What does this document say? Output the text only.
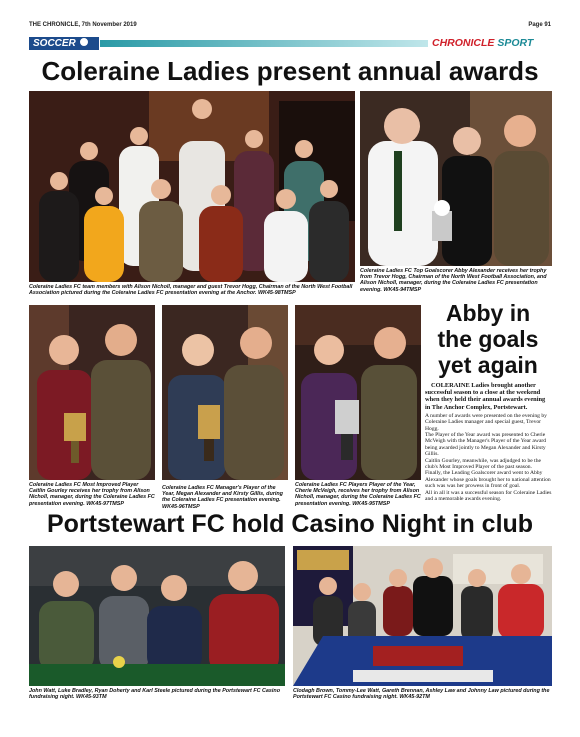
THE CHRONICLE, 7th November 2019	Page 91
SOCCER	CHRONICLE SPORT
Coleraine Ladies present annual awards
Coleraine Ladies FC team members with Alison Nicholl, manager and guest Trevor Hogg, Chairman of the North West Football Association pictured during the Coleraine Ladies FC presentation evening at the Anchor. WK45-98TMSP
Coleraine Ladies FC Top Goalscorer Abby Alexander receives her trophy from Trevor Hogg, Chairman of the North West Football Association, and Alison Nicholl, manager, during the Coleraine Ladies FC presentation evening. WK45-94TMSP
Coleraine Ladies FC Most Improved Player Caitlin Gourley receives her trophy from Alison Nicholl, manager, during the Coleraine Ladies FC presentation evening. WK45-97TMSP
Coleraine Ladies FC Manager's Player of the Year, Megan Alexander and Kirsty Gillis, during the Coleraine Ladies FC presentation evening. WK45-96TMSP
Coleraine Ladies FC Players Player of the Year, Cherie McVeigh, receives her trophy from Alison Nicholl, manager, during the Coleraine Ladies FC presentation evening. WK45-95TMSP
Abby in
the goals
yet again
COLERAINE Ladies brought another successful season to a close at the weekend when they held their annual awards evening in The Anchor Complex, Portstewart.
A number of awards were presented on the evening by Coleraine Ladies manager and special guest, Trevor Hogg.
The Player of the Year award was presented to Cherie McVeigh with the Manager's Player of the Year award being awarded jointly to Megan Alexander and Kirsty Gillis.
Caitlin Gourley, meanwhile, was adjudged to be the club's Most Improved Player of the past season.
Finally, the Leading Goalscorer award went to Abby Alexander whose goals brought her to national attention such was was her prowess in front of goal.
All in all it was a successful season for Coleraine Ladies and a memorable awards evening.
Portstewart FC hold Casino Night in club
John Watt, Luke Bradley, Ryan Doherty and Karl Steele pictured during the Portstewart FC Casino fundraising night. WK45-93TM
Clodagh Brown, Tommy-Lee Watt, Gareth Brennan, Ashley Law and Johnny Law pictured during the Portstewart FC Casino fundraising night. WK45-92TM
